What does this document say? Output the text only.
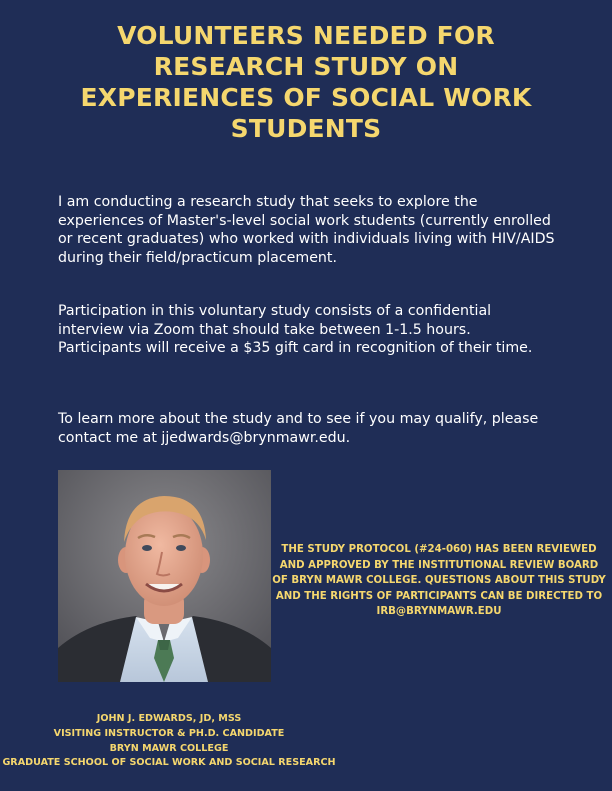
VOLUNTEERS NEEDED FOR RESEARCH STUDY ON EXPERIENCES OF SOCIAL WORK STUDENTS

I am conducting a research study that seeks to explore the experiences of Master's-level social work students (currently enrolled or recent graduates) who worked with individuals living with HIV/AIDS during their field/practicum placement.

Participation in this voluntary study consists of a confidential interview via Zoom that should take between 1-1.5 hours. Participants will receive a $35 gift card in recognition of their time.

To learn more about the study and to see if you may qualify, please contact me at jjedwards@brynmawr.edu.

THE STUDY PROTOCOL (#24-060) HAS BEEN REVIEWED AND APPROVED BY THE INSTITUTIONAL REVIEW BOARD OF BRYN MAWR COLLEGE. QUESTIONS ABOUT THIS STUDY AND THE RIGHTS OF PARTICIPANTS CAN BE DIRECTED TO IRB@BRYNMAWR.EDU

JOHN J. EDWARDS, JD, MSS
VISITING INSTRUCTOR & PH.D. CANDIDATE
BRYN MAWR COLLEGE
GRADUATE SCHOOL OF SOCIAL WORK AND SOCIAL RESEARCH
